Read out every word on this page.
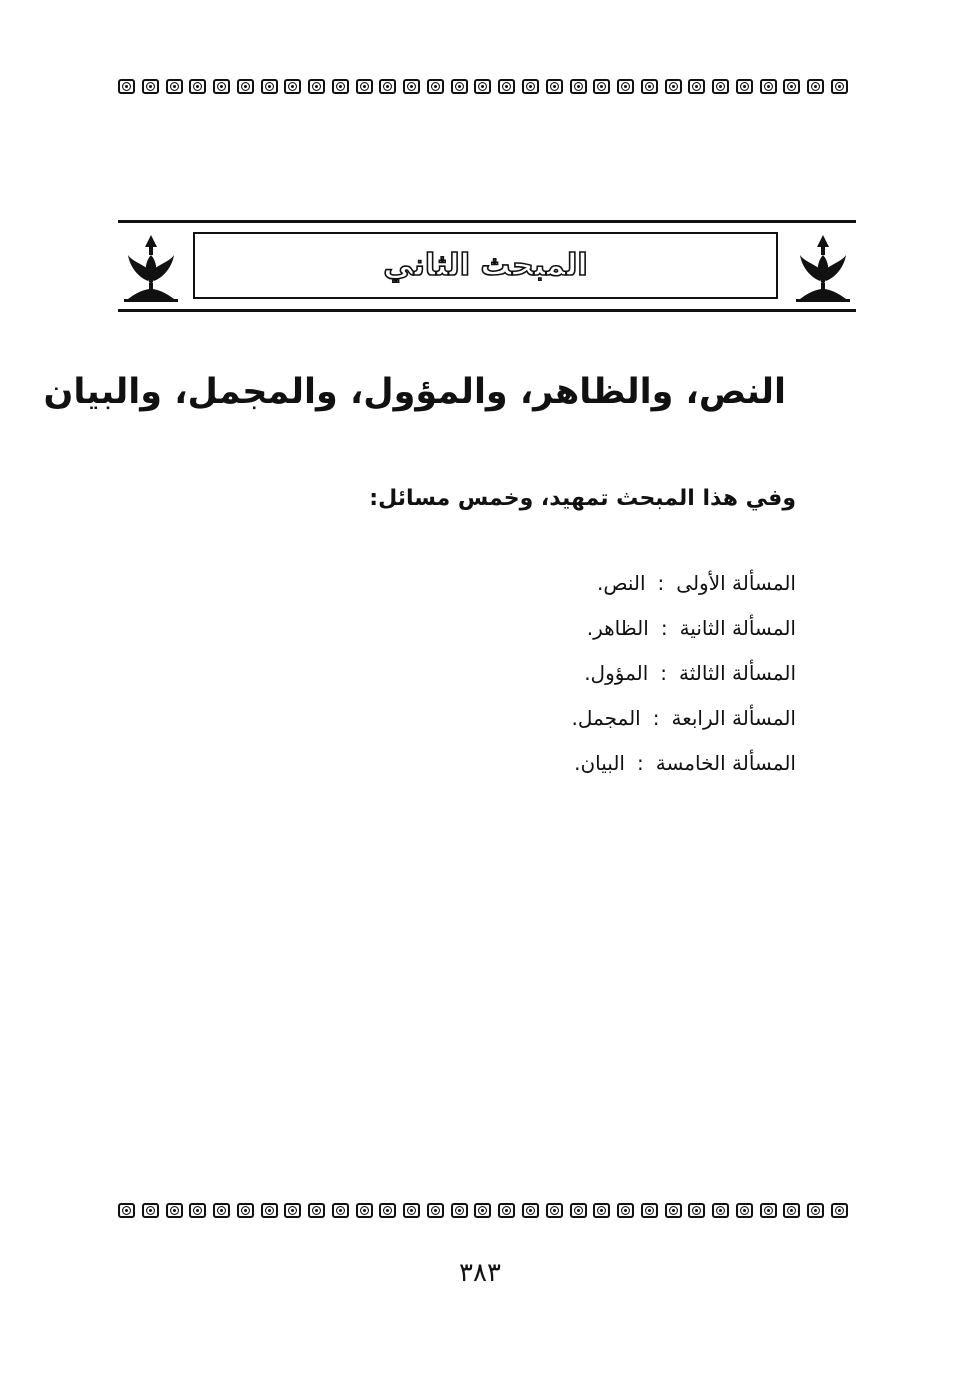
المبحث الثاني
النص، والظاهر، والمؤول، والمجمل، والبيان
وفي هذا المبحث تمهيد، وخمس مسائل:
المسألة الأولى
:
النص.
المسألة الثانية
:
الظاهر.
المسألة الثالثة
:
المؤول.
المسألة الرابعة
:
المجمل.
المسألة الخامسة
:
البيان.
٣٨٣
